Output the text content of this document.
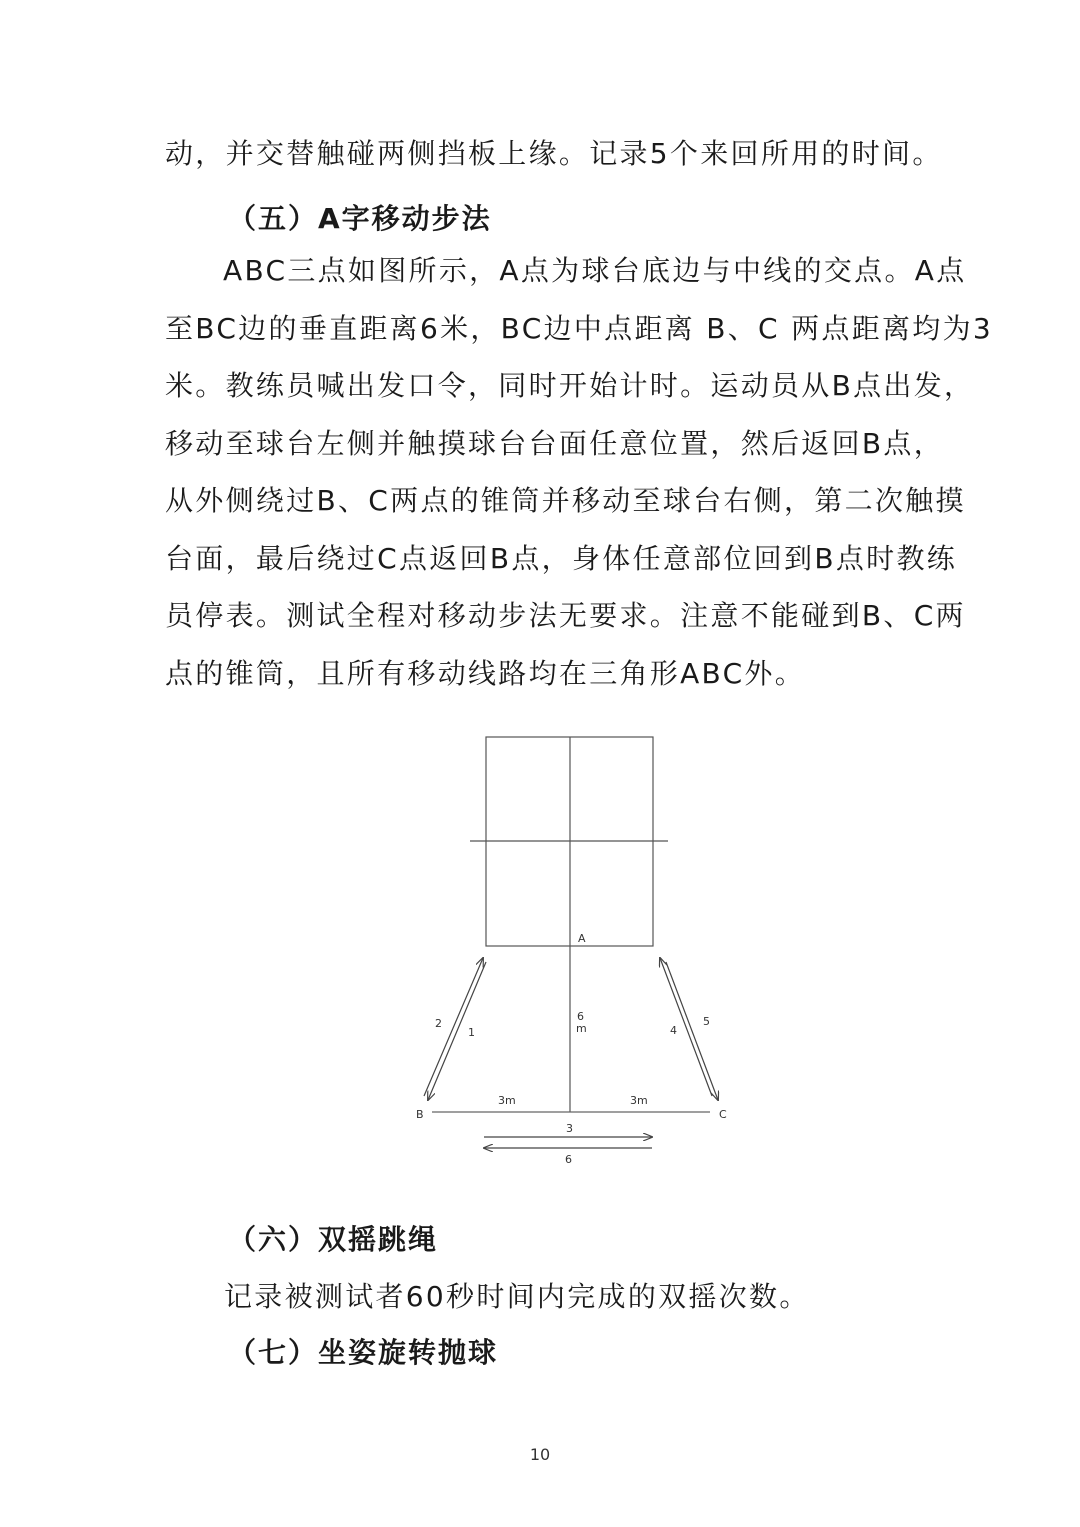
动，并交替触碰两侧挡板上缘。记录5个来回所用的时间。
（五）A字移动步法
ABC三点如图所示，A点为球台底边与中线的交点。A点
至BC边的垂直距离6米，BC边中点距离 B、C 两点距离均为3
米。教练员喊出发口令，同时开始计时。运动员从B点出发，
移动至球台左侧并触摸球台台面任意位置，然后返回B点，
从外侧绕过B、C两点的锥筒并移动至球台右侧，第二次触摸
台面，最后绕过C点返回B点，身体任意部位回到B点时教练
员停表。测试全程对移动步法无要求。注意不能碰到B、C两
点的锥筒，且所有移动线路均在三角形ABC外。
A
B	C
6
m
3m	3m
1
2
4
5
3
6
（六）双摇跳绳
记录被测试者60秒时间内完成的双摇次数。
（七）坐姿旋转抛球
10
